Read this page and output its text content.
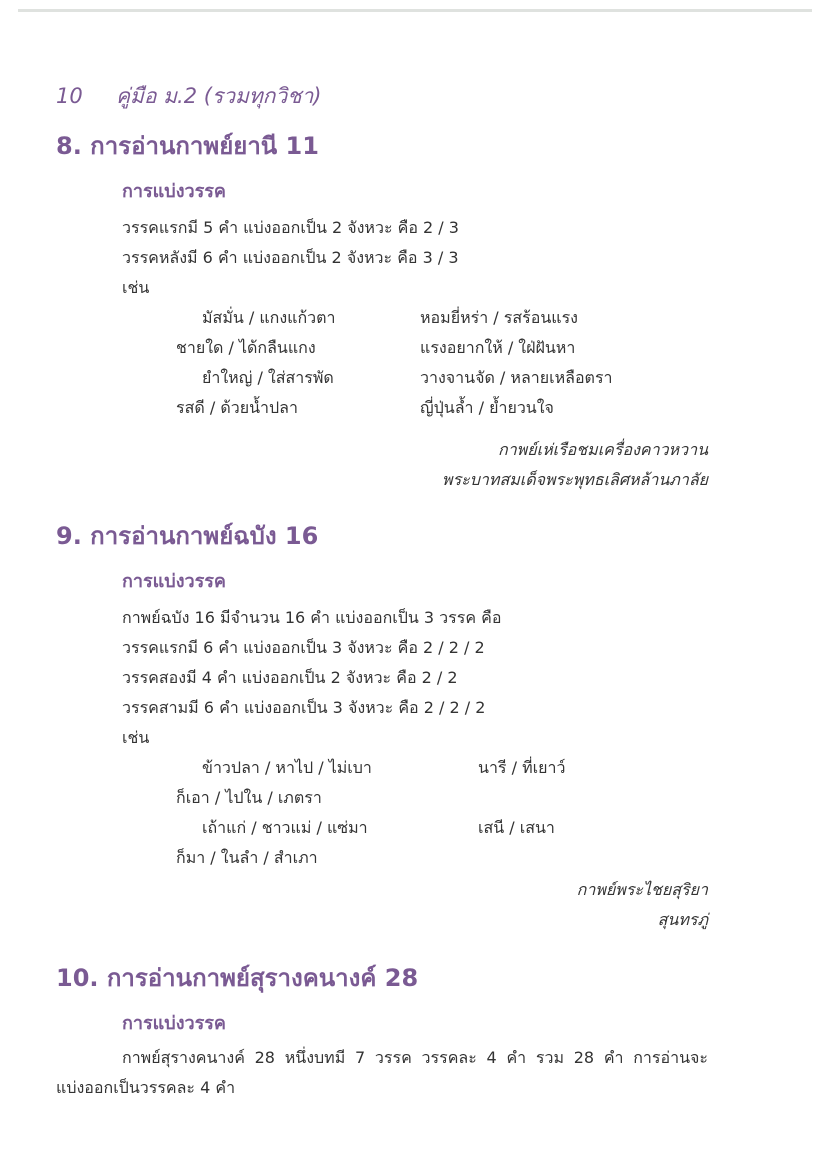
10 คู่มือ ม.2 (รวมทุกวิชา)
8. การอ่านกาพย์ยานี 11
การแบ่งวรรค
วรรคแรกมี 5 คำ แบ่งออกเป็น 2 จังหวะ คือ 2 / 3
วรรคหลังมี 6 คำ แบ่งออกเป็น 2 จังหวะ คือ 3 / 3
เช่น
มัสมั่น / แกงแก้วตา	หอมยี่หร่า / รสร้อนแรง
ชายใด / ได้กลืนแกง	แรงอยากให้ / ใฝ่ฝันหา
ยำใหญ่ / ใส่สารพัด	วางจานจัด / หลายเหลือตรา
รสดี / ด้วยน้ำปลา	ญี่ปุ่นล้ำ / ย้ำยวนใจ
กาพย์เห่เรือชมเครื่องคาวหวาน
พระบาทสมเด็จพระพุทธเลิศหล้านภาลัย
9. การอ่านกาพย์ฉบัง 16
การแบ่งวรรค
กาพย์ฉบัง 16 มีจำนวน 16 คำ แบ่งออกเป็น 3 วรรค คือ
วรรคแรกมี 6 คำ แบ่งออกเป็น 3 จังหวะ คือ 2 / 2 / 2
วรรคสองมี 4 คำ แบ่งออกเป็น 2 จังหวะ คือ 2 / 2
วรรคสามมี 6 คำ แบ่งออกเป็น 3 จังหวะ คือ 2 / 2 / 2
เช่น
ข้าวปลา / หาไป / ไม่เบา	นารี / ที่เยาว์
ก็เอา / ไปใน / เภตรา
เถ้าแก่ / ชาวแม่ / แซ่มา	เสนี / เสนา
ก็มา / ในลำ / สำเภา
กาพย์พระไชยสุริยา
สุนทรภู่
10. การอ่านกาพย์สุรางคนางค์ 28
การแบ่งวรรค
กาพย์สุรางคนางค์ 28 หนึ่งบทมี 7 วรรค วรรคละ 4 คำ รวม 28 คำ การอ่านจะ
แบ่งออกเป็นวรรคละ 4 คำ
